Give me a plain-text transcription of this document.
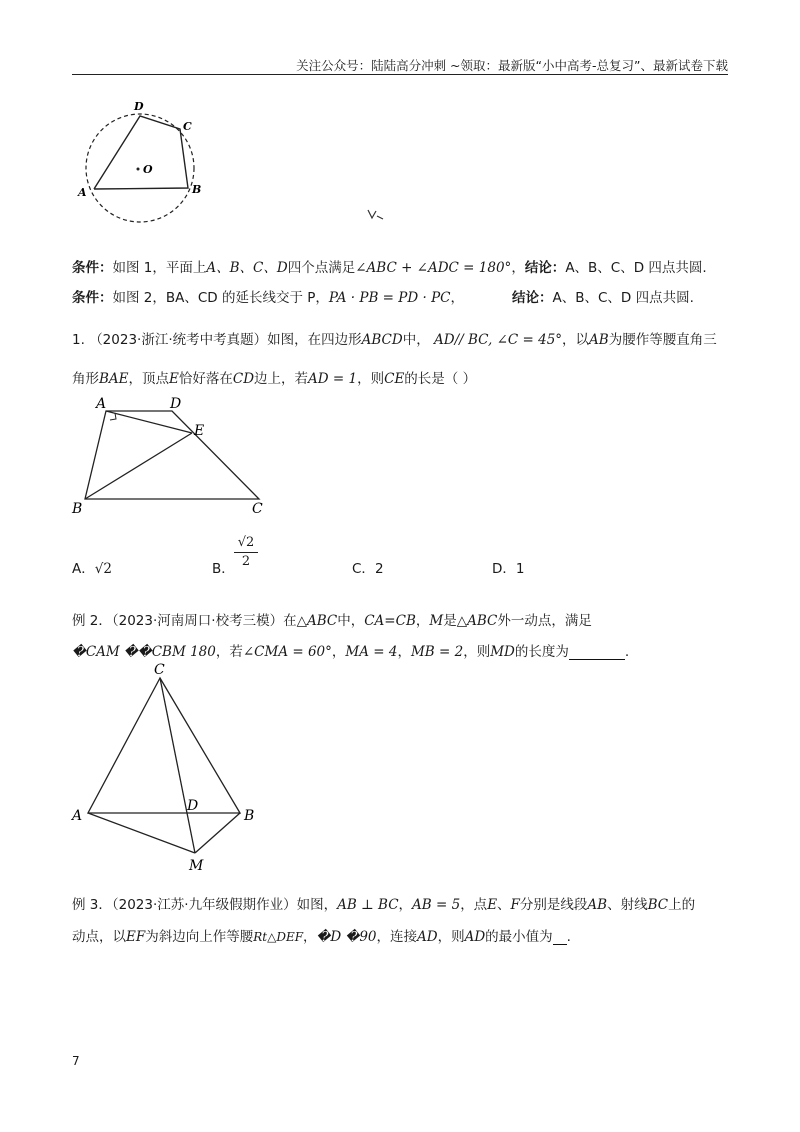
关注公众号：陆陆高分冲刺 ~领取：最新版“小中高考-总复习”、最新试卷下载
D
C
O
A	B
条件：如图 1，平面上A、B、C、D四个点满足∠ABC + ∠ADC = 180°，结论：A、B、C、D 四点共圆.
条件：如图 2，BA、CD 的延长线交于 P，PA · PB = PD · PC，	结论：A、B、C、D 四点共圆.
1. （2023·浙江·统考中考真题）如图，在四边形ABCD中， AD// BC, ∠C = 45°，以AB为腰作等腰直角三
角形BAE，顶点E恰好落在CD边上，若AD = 1，则CE的长是（ ）
A	D
E
B	C
A．√2	B． $\frac{√2}{2}$	C．2	D．1
例 2．（2023·河南周口·校考三模）在△ABC中，CA=CB，M是△ABC外一动点，满足
�CAM ��CBM 180，若∠CMA = 60°，MA = 4，MB = 2，则MD的长度为	.
C
A
D
B
M
例 3．（2023·江苏·九年级假期作业）如图，AB ⊥ BC，AB = 5，点E、F分别是线段AB、射线BC上的
动点，以EF为斜边向上作等腰Rt△DEF，�D �90，连接AD，则AD的最小值为 .
7
